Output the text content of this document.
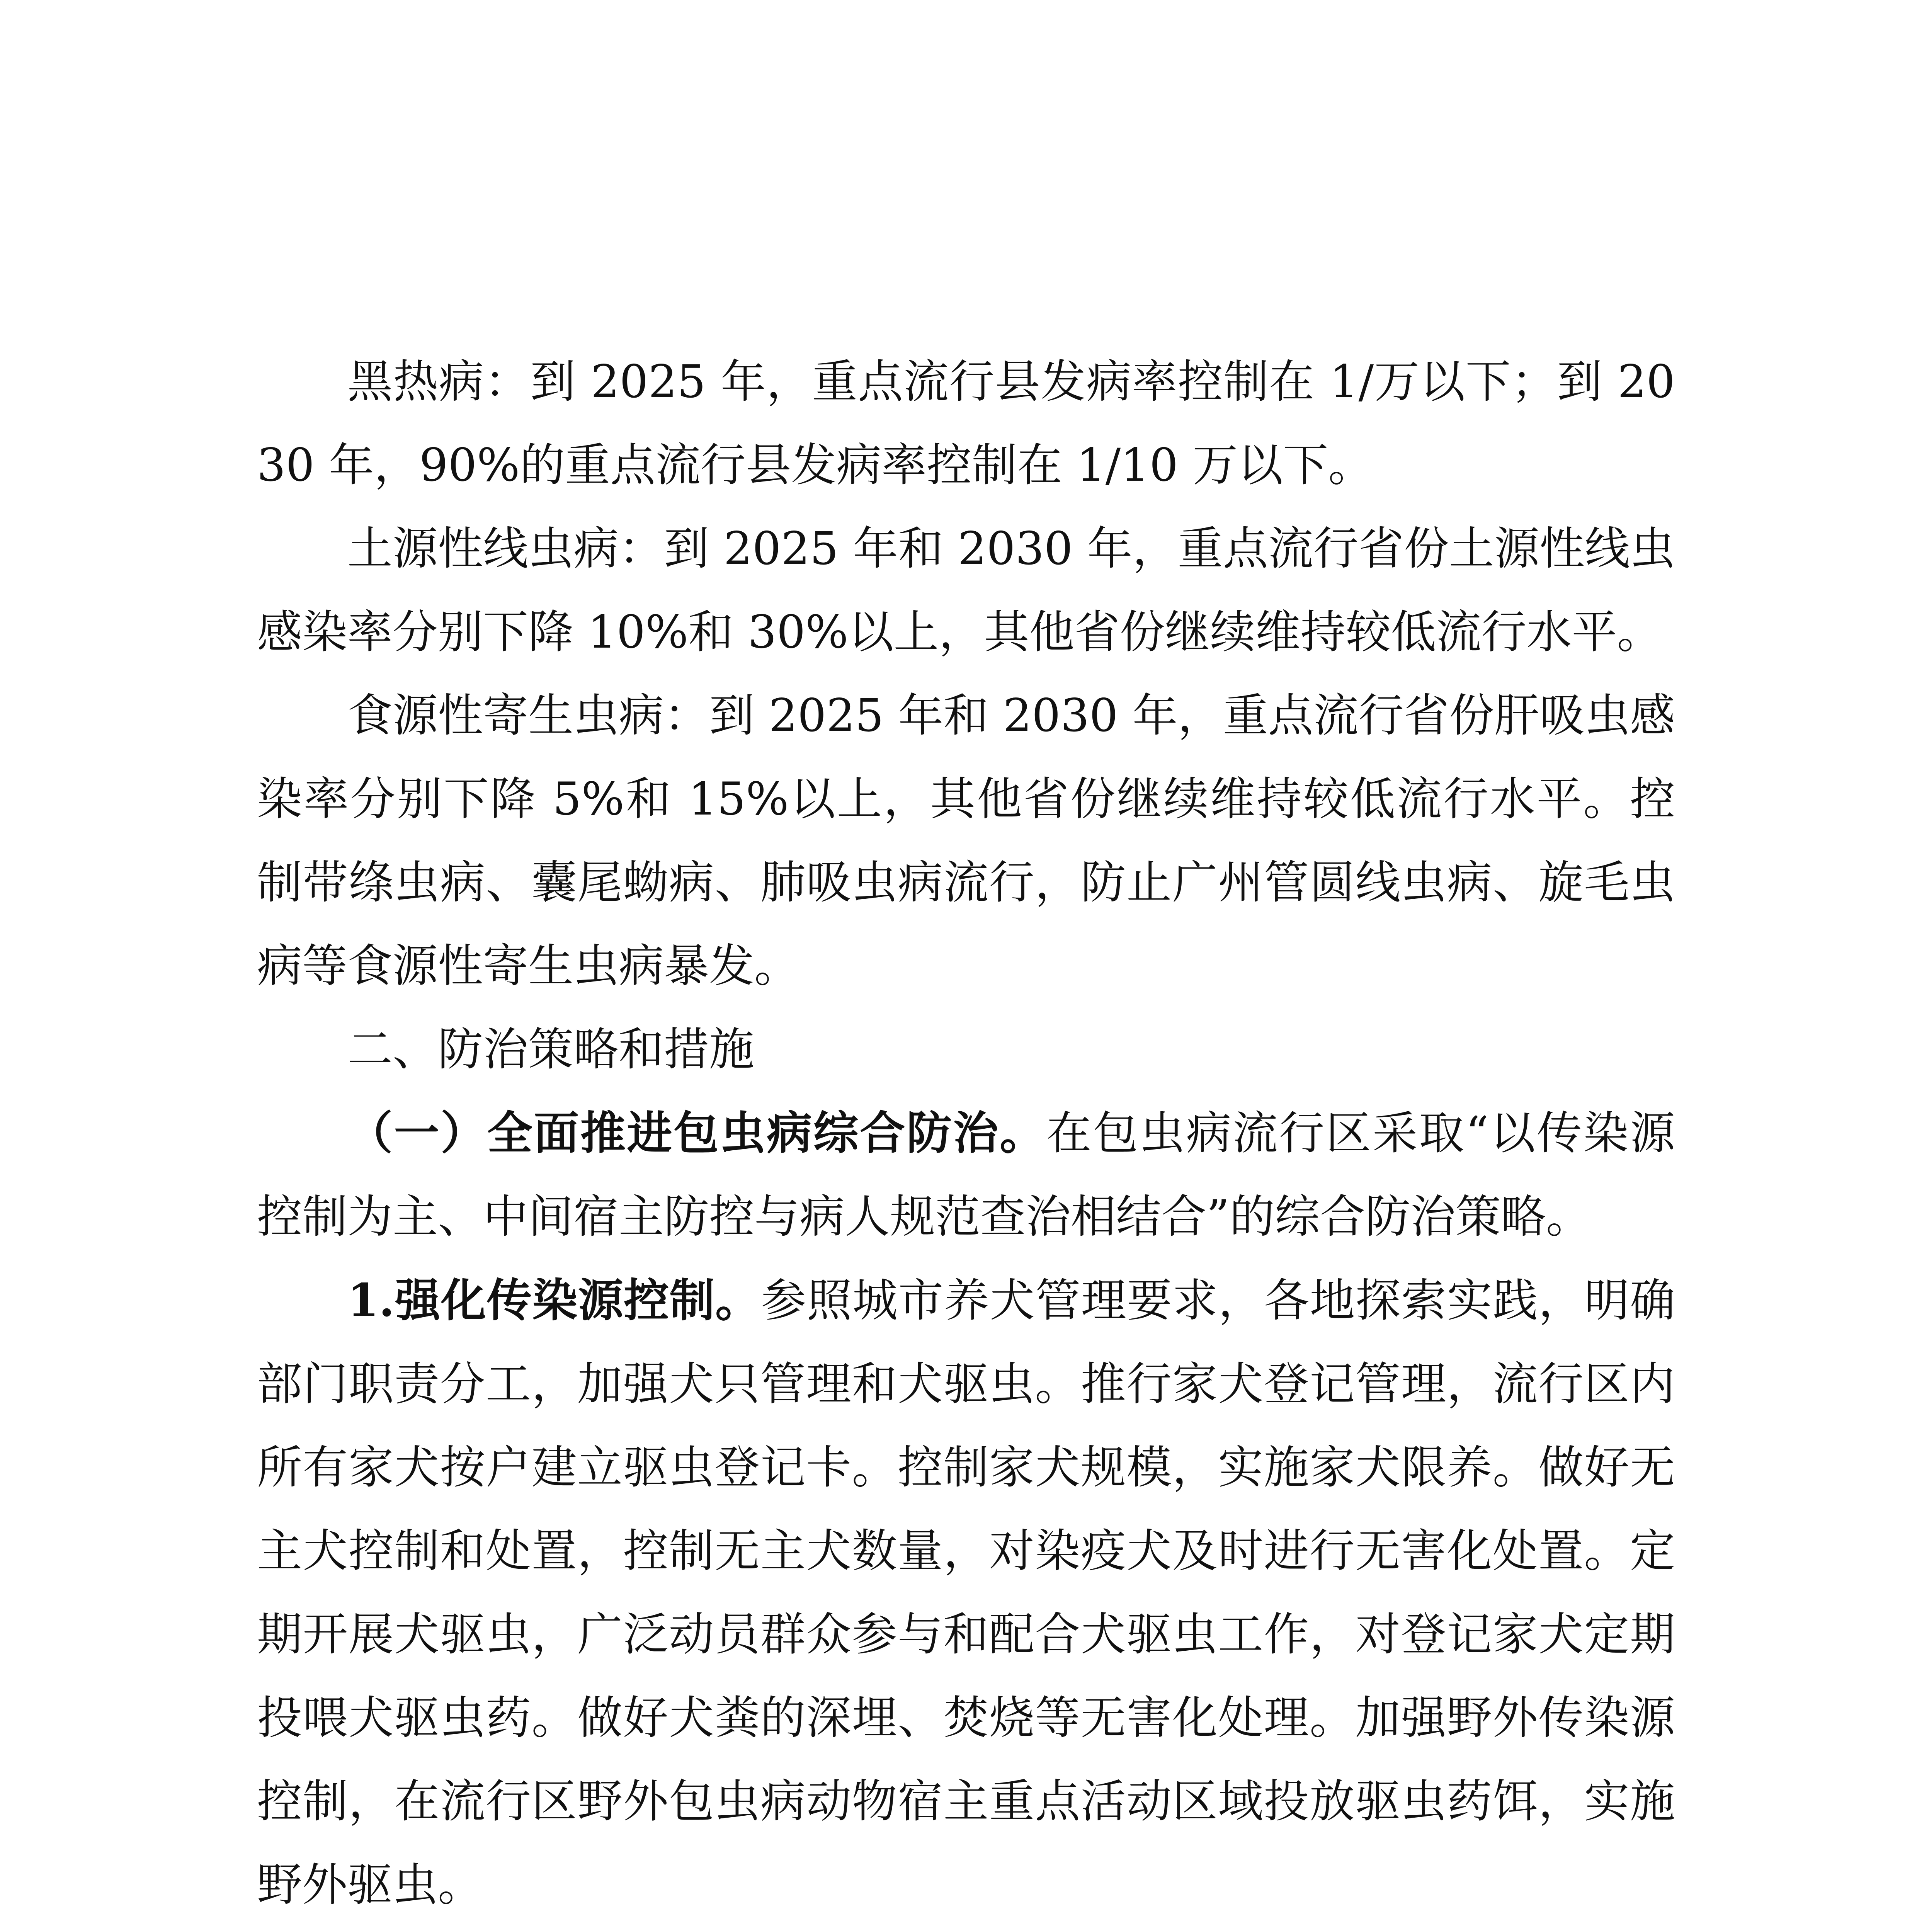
黑热病：到 2025 年，重点流行县发病率控制在 1/万以下；到 2030 年，90%的重点流行县发病率控制在 1/10 万以下。

土源性线虫病：到 2025 年和 2030 年，重点流行省份土源性线虫感染率分别下降 10%和 30%以上，其他省份继续维持较低流行水平。

食源性寄生虫病：到 2025 年和 2030 年，重点流行省份肝吸虫感染率分别下降 5%和 15%以上，其他省份继续维持较低流行水平。控制带绦虫病、囊尾蚴病、肺吸虫病流行，防止广州管圆线虫病、旋毛虫病等食源性寄生虫病暴发。

二、防治策略和措施

（一）全面推进包虫病综合防治。在包虫病流行区采取“以传染源控制为主、中间宿主防控与病人规范查治相结合”的综合防治策略。

1.强化传染源控制。参照城市养犬管理要求，各地探索实践，明确部门职责分工，加强犬只管理和犬驱虫。推行家犬登记管理，流行区内所有家犬按户建立驱虫登记卡。控制家犬规模，实施家犬限养。做好无主犬控制和处置，控制无主犬数量，对染疫犬及时进行无害化处置。定期开展犬驱虫，广泛动员群众参与和配合犬驱虫工作，对登记家犬定期投喂犬驱虫药。做好犬粪的深埋、焚烧等无害化处理。加强野外传染源控制，在流行区野外包虫病动物宿主重点活动区域投放驱虫药饵，实施野外驱虫。
